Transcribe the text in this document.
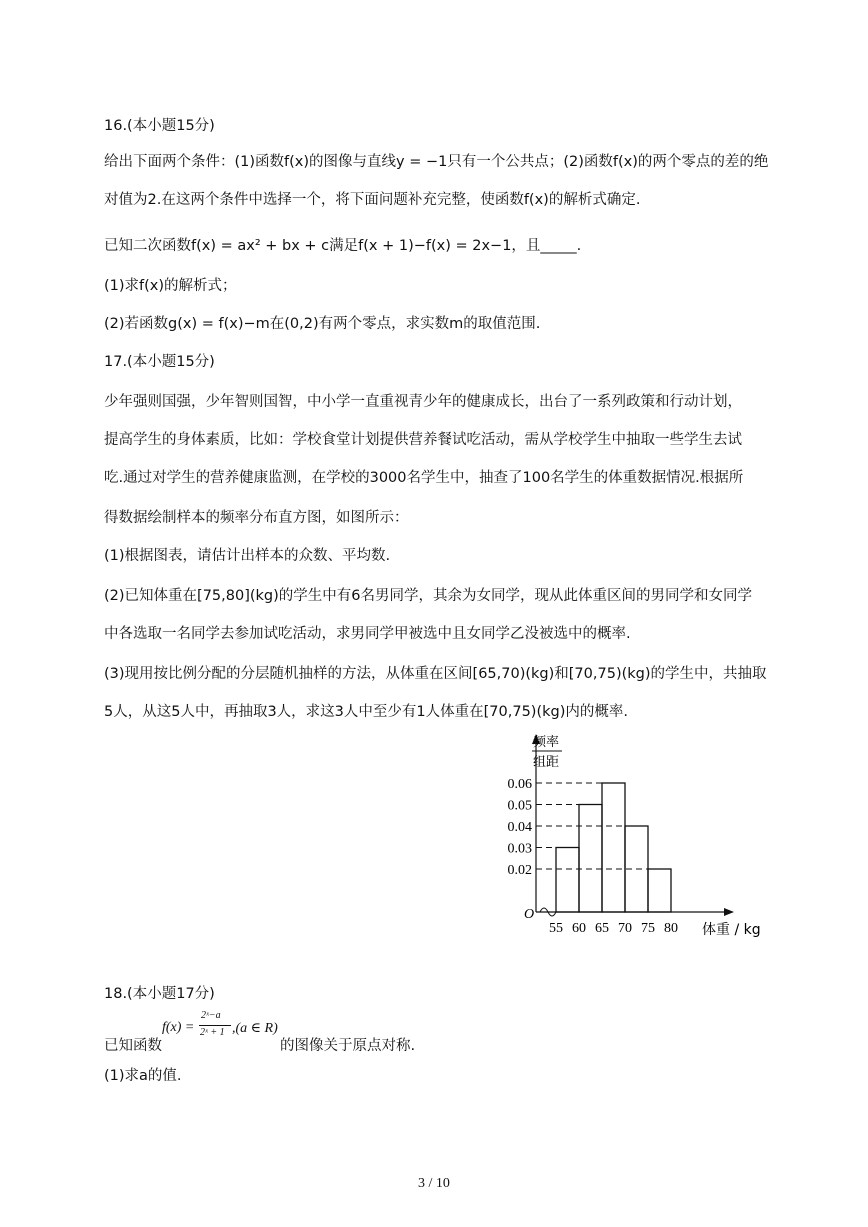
16.(本小题15分)
给出下面两个条件：(1)函数f(x)的图像与直线y = −1只有一个公共点；(2)函数f(x)的两个零点的差的绝
对值为2.在这两个条件中选择一个，将下面问题补充完整，使函数f(x)的解析式确定.
已知二次函数f(x) = ax² + bx + c满足f(x + 1)−f(x) = 2x−1，且_____.
(1)求f(x)的解析式；
(2)若函数g(x) = f(x)−m在(0,2)有两个零点，求实数m的取值范围.
17.(本小题15分)
少年强则国强，少年智则国智，中小学一直重视青少年的健康成长，出台了一系列政策和行动计划，
提高学生的身体素质，比如：学校食堂计划提供营养餐试吃活动，需从学校学生中抽取一些学生去试
吃.通过对学生的营养健康监测，在学校的3000名学生中，抽查了100名学生的体重数据情况.根据所
得数据绘制样本的频率分布直方图，如图所示：
(1)根据图表，请估计出样本的众数、平均数.
(2)已知体重在[75,80](kg)的学生中有6名男同学，其余为女同学，现从此体重区间的男同学和女同学
中各选取一名同学去参加试吃活动，求男同学甲被选中且女同学乙没被选中的概率.
(3)现用按比例分配的分层随机抽样的方法，从体重在区间[65,70)(kg)和[70,75)(kg)的学生中，共抽取
5人，从这5人中，再抽取3人，求这3人中至少有1人体重在[70,75)(kg)内的概率.
频率
组距
O
体重 / kg
0.02
0.03
0.04
0.05
0.06
55 60 65 70 75 80
18.(本小题17分)
已知函数
f(x) =
2ˣ−a
2ˣ + 1 ,(a ∈ R)
的图像关于原点对称.
(1)求a的值.
3 / 10
